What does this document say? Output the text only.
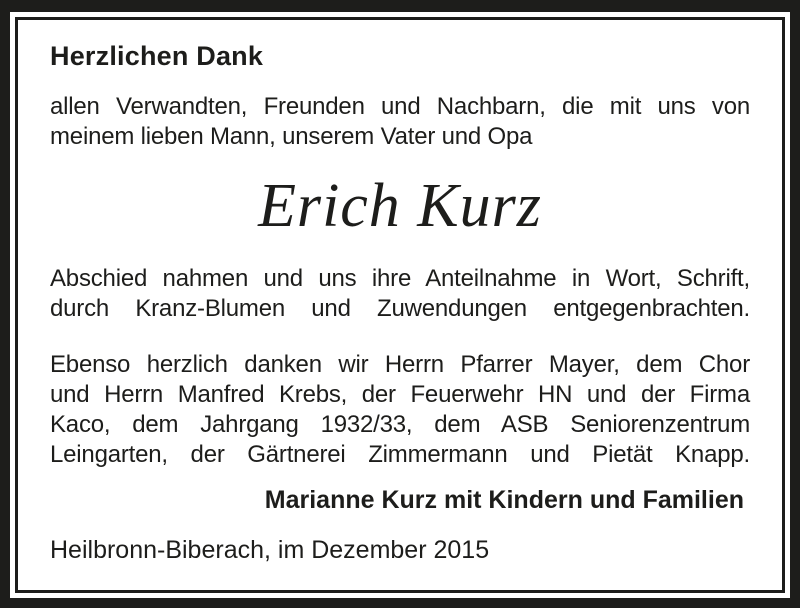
Herzlichen Dank
allen Verwandten, Freunden und Nachbarn, die mit uns von
meinem lieben Mann, unserem Vater und Opa
Erich Kurz
Abschied nahmen und uns ihre Anteilnahme in Wort, Schrift,
durch Kranz-Blumen und Zuwendungen entgegenbrachten.
Ebenso herzlich danken wir Herrn Pfarrer Mayer, dem Chor
und Herrn Manfred Krebs, der Feuerwehr HN und der Firma
Kaco, dem Jahrgang 1932/33, dem ASB Seniorenzentrum
Leingarten, der Gärtnerei Zimmermann und Pietät Knapp.
Marianne Kurz mit Kindern und Familien
Heilbronn-Biberach, im Dezember 2015
